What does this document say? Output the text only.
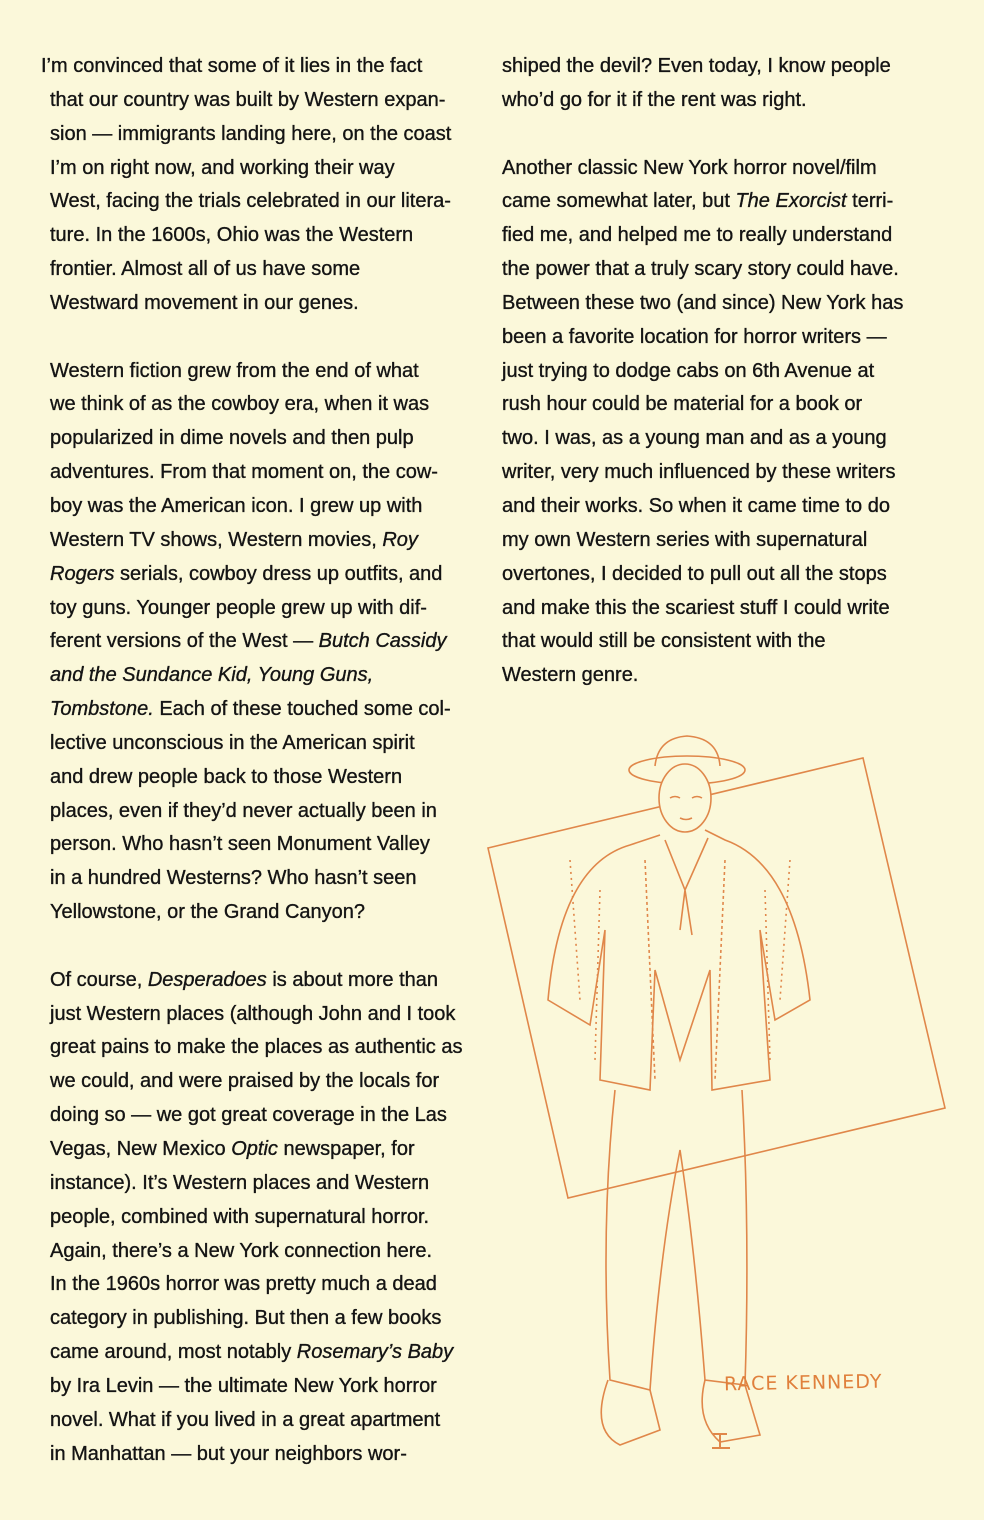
I’m convinced that some of it lies in the fact
that our country was built by Western expan-
sion — immigrants landing here, on the coast
I’m on right now, and working their way
West, facing the trials celebrated in our litera-
ture. In the 1600s, Ohio was the Western
frontier. Almost all of us have some
Westward movement in our genes.
Western fiction grew from the end of what
we think of as the cowboy era, when it was
popularized in dime novels and then pulp
adventures. From that moment on, the cow-
boy was the American icon. I grew up with
Western TV shows, Western movies, Roy
Rogers serials, cowboy dress up outfits, and
toy guns. Younger people grew up with dif-
ferent versions of the West — Butch Cassidy
and the Sundance Kid, Young Guns,
Tombstone. Each of these touched some col-
lective unconscious in the American spirit
and drew people back to those Western
places, even if they’d never actually been in
person. Who hasn’t seen Monument Valley
in a hundred Westerns? Who hasn’t seen
Yellowstone, or the Grand Canyon?
Of course, Desperadoes is about more than
just Western places (although John and I took
great pains to make the places as authentic as
we could, and were praised by the locals for
doing so — we got great coverage in the Las
Vegas, New Mexico Optic newspaper, for
instance). It’s Western places and Western
people, combined with supernatural horror.
Again, there’s a New York connection here.
In the 1960s horror was pretty much a dead
category in publishing. But then a few books
came around, most notably Rosemary’s Baby
by Ira Levin — the ultimate New York horror
novel. What if you lived in a great apartment
in Manhattan — but your neighbors wor-
shiped the devil? Even today, I know people
who’d go for it if the rent was right.
Another classic New York horror novel/film
came somewhat later, but The Exorcist terri-
fied me, and helped me to really understand
the power that a truly scary story could have.
Between these two (and since) New York has
been a favorite location for horror writers —
just trying to dodge cabs on 6th Avenue at
rush hour could be material for a book or
two. I was, as a young man and as a young
writer, very much influenced by these writers
and their works. So when it came time to do
my own Western series with supernatural
overtones, I decided to pull out all the stops
and make this the scariest stuff I could write
that would still be consistent with the
Western genre.
RACE KENNEDY
